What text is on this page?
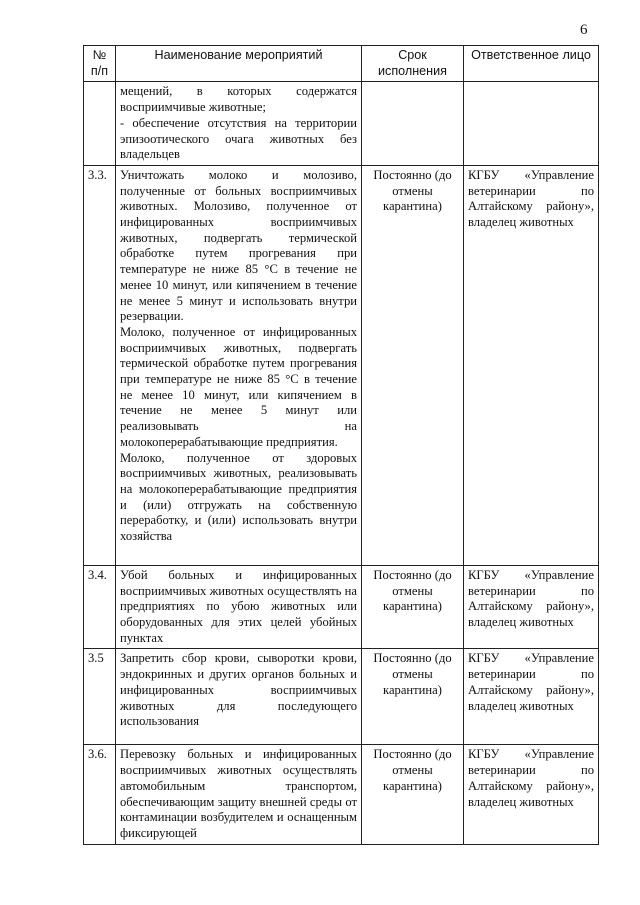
6
№ п/п	Наименование мероприятий	Срок исполнения	Ответственное лицо

	мещений, в которых содержатся восприимчивые животные;
- обеспечение отсутствия на территории эпизоотического очага животных без владельцев		

3.3.	Уничтожать молоко и молозиво, полученные от больных восприимчивых животных. Молозиво, полученное от инфицированных восприимчивых животных, подвергать термической обработке путем прогревания при температуре не ниже 85 °C в течение не менее 10 минут, или кипячением в течение не менее 5 минут и использовать внутри резервации.
Молоко, полученное от инфицированных восприимчивых животных, подвергать термической обработке путем прогревания при температуре не ниже 85 °C в течение не менее 10 минут, или кипячением в течение не менее 5 минут или реализовывать на молокоперерабатывающие предприятия.
Молоко, полученное от здоровых восприимчивых животных, реализовывать на молокоперерабатывающие предприятия и (или) отгружать на собственную переработку, и (или) использовать внутри хозяйства	Постоянно (до отмены карантина)	КГБУ «Управление ветеринарии по Алтайскому району», владелец животных
3.4.	Убой больных и инфицированных восприимчивых животных осуществлять на предприятиях по убою животных или оборудованных для этих целей убойных пунктах	Постоянно (до отмены карантина)	КГБУ «Управление ветеринарии по Алтайскому району», владелец животных
3.5	Запретить сбор крови, сыворотки крови, эндокринных и других органов больных и инфицированных восприимчивых животных для последующего использования	Постоянно (до отмены карантина)	КГБУ «Управление ветеринарии по Алтайскому району», владелец животных
3.6.	Перевозку больных и инфицированных восприимчивых животных осуществлять автомобильным транспортом, обеспечивающим защиту внешней среды от контаминации возбудителем и оснащенным фиксирующей	Постоянно (до отмены карантина)	КГБУ «Управление ветеринарии по Алтайскому району», владелец животных
